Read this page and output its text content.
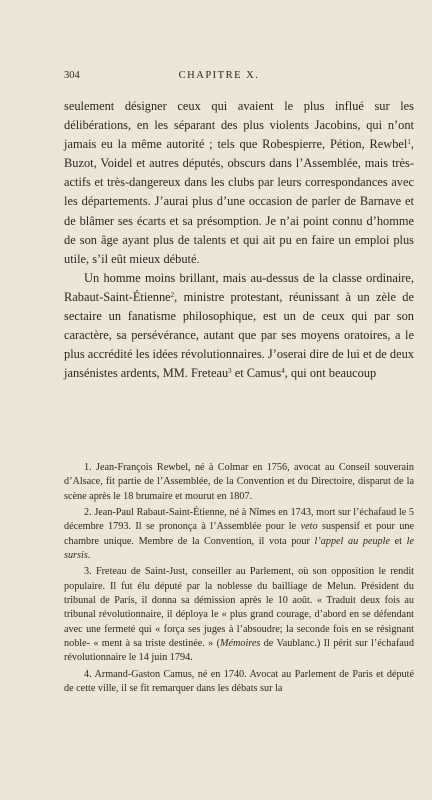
304	CHAPITRE X.

seulement désigner ceux qui avaient le plus influé sur les délibérations, en les séparant des plus violents Jacobins, qui n’ont jamais eu la même autorité ; tels que Robespierre, Pétion, Rewbel$^1$, Buzot, Voidel et autres députés, obscurs dans l’Assemblée, mais très-actifs et très-dangereux dans les clubs par leurs correspondances avec les départements. J’aurai plus d’une occasion de parler de Barnave et de blâmer ses écarts et sa présomption. Je n’ai point connu d’homme de son âge ayant plus de talents et qui ait pu en faire un emploi plus utile, s’il eût mieux débuté.

Un homme moins brillant, mais au-dessus de la classe ordinaire, Rabaut-Saint-Étienne$^2$, ministre protestant, réunissant à un zèle de sectaire un fanatisme philosophique, est un de ceux qui par son caractère, sa persévérance, autant que par ses moyens oratoires, a le plus accrédité les idées révolutionnaires. J’oserai dire de lui et de deux jansénistes ardents, MM. Freteau$^3$ et Camus$^4$, qui ont beaucoup

1. Jean-François Rewbel, né à Colmar en 1756, avocat au Conseil souverain d’Alsace, fit partie de l’Assemblée, de la Convention et du Directoire, disparut de la scène après le 18 brumaire et mourut en 1807.

2. Jean-Paul Rabaut-Saint-Étienne, né à Nîmes en 1743, mort sur l’échafaud le 5 décembre 1793. Il se prononça à l’Assemblée pour le veto suspensif et pour une chambre unique. Membre de la Convention, il vota pour l’appel au peuple et le sursis.

3. Freteau de Saint-Just, conseiller au Parlement, où son opposition le rendit populaire. Il fut élu député par la noblesse du bailliage de Melun. Président du tribunal de Paris, il donna sa démission après le 10 août. « Traduit deux fois au tribunal révolutionnaire, il déploya le « plus grand courage, d’abord en se défendant avec une fermeté qui « força ses juges à l’absoudre; la seconde fois en se résignant noble- « ment à sa triste destinée. » (Mémoires de Vaublanc.) Il périt sur l’échafaud révolutionnaire le 14 juin 1794.

4. Armand-Gaston Camus, né en 1740. Avocat au Parlement de Paris et député de cette ville, il se fit remarquer dans les débats sur la
